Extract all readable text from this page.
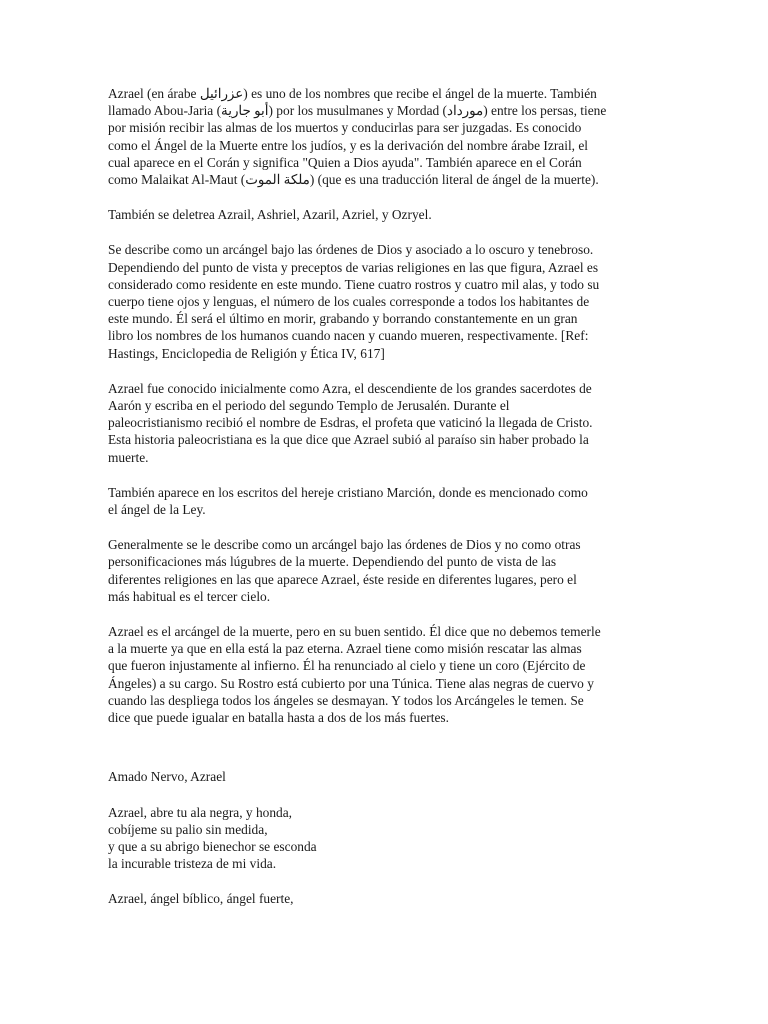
Azrael (en árabe عزرائيل) es uno de los nombres que recibe el ángel de la muerte. También
llamado Abou-Jaria (أبو جارية) por los musulmanes y Mordad (مورداد) entre los persas, tiene
por misión recibir las almas de los muertos y conducirlas para ser juzgadas. Es conocido
como el Ángel de la Muerte entre los judíos, y es la derivación del nombre árabe Izrail, el
cual aparece en el Corán y significa "Quien a Dios ayuda". También aparece en el Corán
como Malaikat Al-Maut (ملكة الموت) (que es una traducción literal de ángel de la muerte).

También se deletrea Azrail, Ashriel, Azaril, Azriel, y Ozryel.

Se describe como un arcángel bajo las órdenes de Dios y asociado a lo oscuro y tenebroso.
Dependiendo del punto de vista y preceptos de varias religiones en las que figura, Azrael es
considerado como residente en este mundo. Tiene cuatro rostros y cuatro mil alas, y todo su
cuerpo tiene ojos y lenguas, el número de los cuales corresponde a todos los habitantes de
este mundo. Él será el último en morir, grabando y borrando constantemente en un gran
libro los nombres de los humanos cuando nacen y cuando mueren, respectivamente. [Ref:
Hastings, Enciclopedia de Religión y Ética IV, 617]

Azrael fue conocido inicialmente como Azra, el descendiente de los grandes sacerdotes de
Aarón y escriba en el periodo del segundo Templo de Jerusalén. Durante el
paleocristianismo recibió el nombre de Esdras, el profeta que vaticinó la llegada de Cristo.
Esta historia paleocristiana es la que dice que Azrael subió al paraíso sin haber probado la
muerte.

También aparece en los escritos del hereje cristiano Marción, donde es mencionado como
el ángel de la Ley.

Generalmente se le describe como un arcángel bajo las órdenes de Dios y no como otras
personificaciones más lúgubres de la muerte. Dependiendo del punto de vista de las
diferentes religiones en las que aparece Azrael, éste reside en diferentes lugares, pero el
más habitual es el tercer cielo.

Azrael es el arcángel de la muerte, pero en su buen sentido. Él dice que no debemos temerle
a la muerte ya que en ella está la paz eterna. Azrael tiene como misión rescatar las almas
que fueron injustamente al infierno. Él ha renunciado al cielo y tiene un coro (Ejército de
Ángeles) a su cargo. Su Rostro está cubierto por una Túnica. Tiene alas negras de cuervo y
cuando las despliega todos los ángeles se desmayan. Y todos los Arcángeles le temen. Se
dice que puede igualar en batalla hasta a dos de los más fuertes.

Amado Nervo, Azrael

Azrael, abre tu ala negra, y honda,
cobíjeme su palio sin medida,
y que a su abrigo bienechor se esconda
la incurable tristeza de mi vida.

Azrael, ángel bíblico, ángel fuerte,
